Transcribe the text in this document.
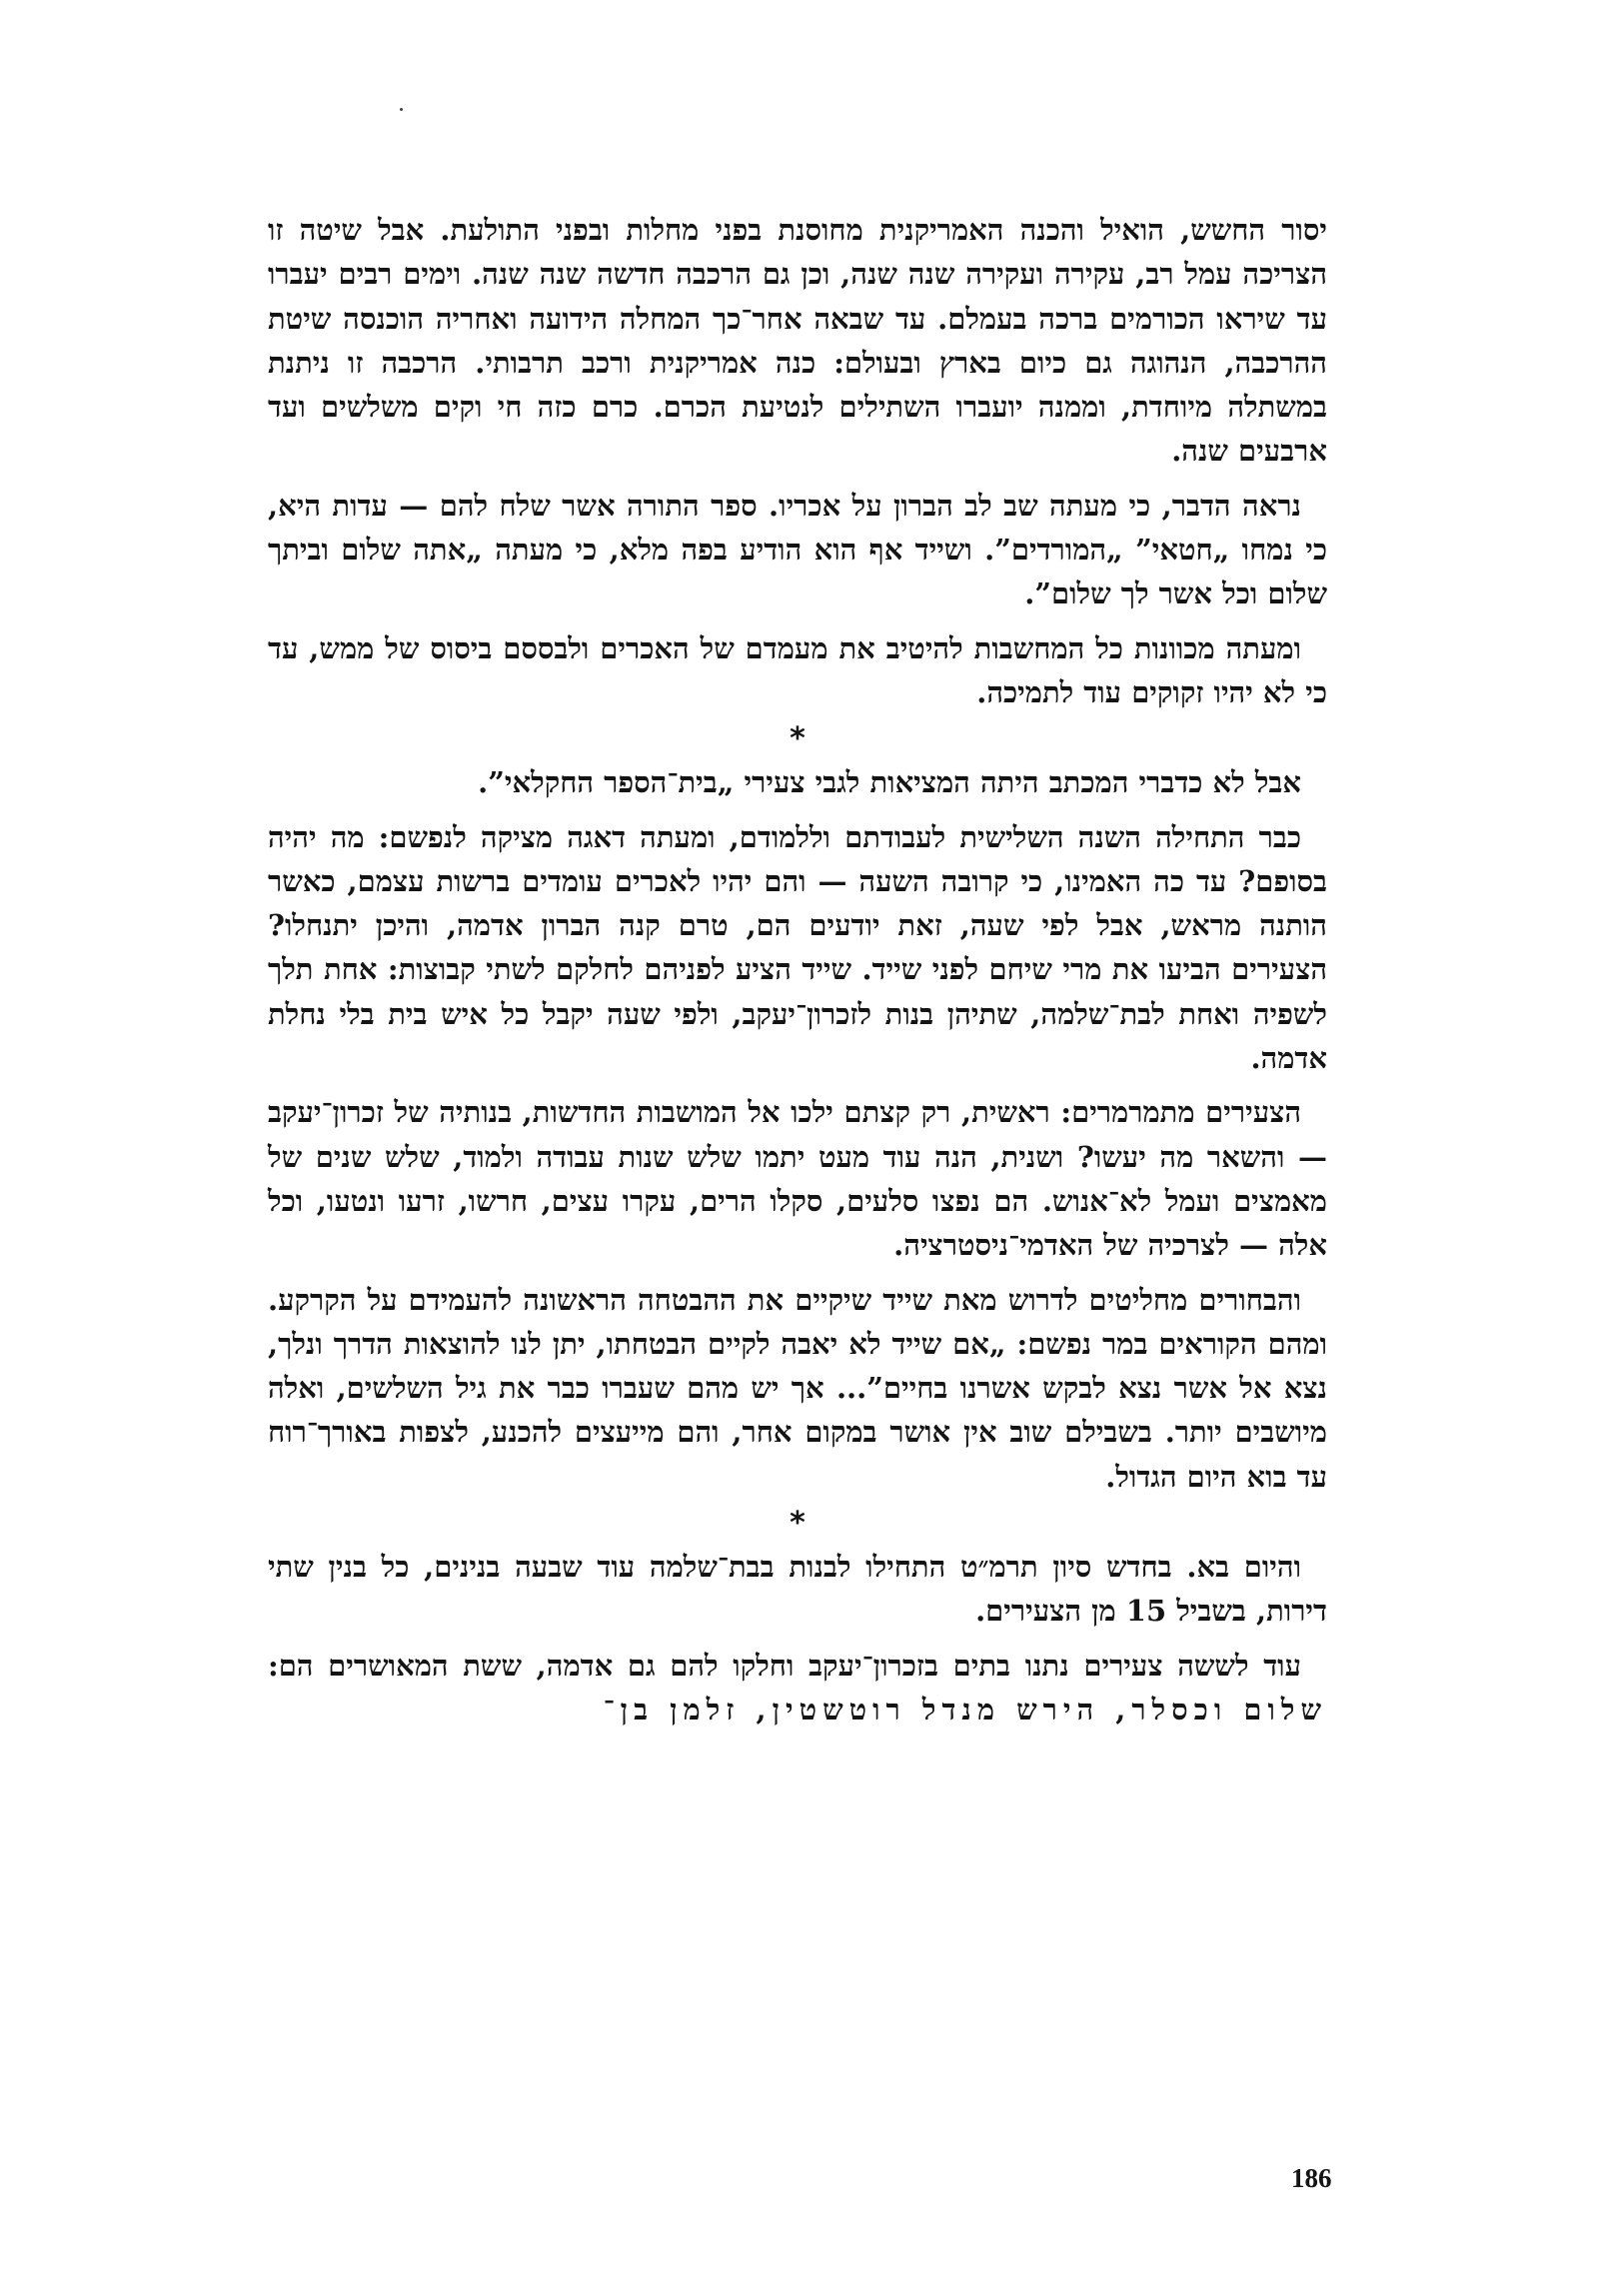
יסור החשש, הואיל והכנה האמריקנית מחוסנת בפני מחלות ובפני התולעת. אבל שיטה זו הצריכה עמל רב, עקירה ועקירה שנה שנה, וכן גם הרכבה חדשה שנה שנה. וימים רבים יעברו עד שיראו הכורמים ברכה בעמלם. עד שבאה אחר־כך המחלה הידועה ואחריה הוכנסה שיטת ההרכבה, הנהוגה גם כיום בארץ ובעולם: כנה אמריקנית ורכב תרבותי. הרכבה זו ניתנת במשתלה מיוחדת, וממנה יועברו השתילים לנטיעת הכרם. כרם כזה חי וקים משלשים ועד ארבעים שנה.

נראה הדבר, כי מעתה שב לב הברון על אכריו. ספר התורה אשר שלח להם — עדות היא, כי נמחו „חטאי” „המורדים”. ושייד אף הוא הודיע בפה מלא, כי מעתה „אתה שלום וביתך שלום וכל אשר לך שלום”.

ומעתה מכוונות כל המחשבות להיטיב את מעמדם של האכרים ולבססם ביסוס של ממש, עד כי לא יהיו זקוקים עוד לתמיכה.

*

אבל לא כדברי המכתב היתה המציאות לגבי צעירי „בית־הספר החקלאי”.

כבר התחילה השנה השלישית לעבודתם וללמודם, ומעתה דאגה מציקה לנפשם: מה יהיה בסופם? עד כה האמינו, כי קרובה השעה — והם יהיו לאכרים עומדים ברשות עצמם, כאשר הותנה מראש, אבל לפי שעה, זאת יודעים הם, טרם קנה הברון אדמה, והיכן יתנחלו? הצעירים הביעו את מרי שיחם לפני שייד. שייד הציע לפניהם לחלקם לשתי קבוצות: אחת תלך לשפיה ואחת לבת־שלמה, שתיהן בנות לזכרון־יעקב, ולפי שעה יקבל כל איש בית בלי נחלת אדמה.

הצעירים מתמרמרים: ראשית, רק קצתם ילכו אל המושבות החדשות, בנותיה של זכרון־יעקב — והשאר מה יעשו? ושנית, הנה עוד מעט יתמו שלש שנות עבודה ולמוד, שלש שנים של מאמצים ועמל לא־אנוש. הם נפצו סלעים, סקלו הרים, עקרו עצים, חרשו, זרעו ונטעו, וכל אלה — לצרכיה של האדמי־ניסטרציה.

והבחורים מחליטים לדרוש מאת שייד שיקיים את ההבטחה הראשונה להעמידם על הקרקע. ומהם הקוראים במר נפשם: „אם שייד לא יאבה לקיים הבטחתו, יתן לנו להוצאות הדרך ונלך, נצא אל אשר נצא לבקש אשרנו בחיים”... אך יש מהם שעברו כבר את גיל השלשים, ואלה מיושבים יותר. בשבילם שוב אין אושר במקום אחר, והם מייעצים להכנע, לצפות באורך־רוח עד בוא היום הגדול.

*

והיום בא. בחדש סיון תרמ״ט התחילו לבנות בבת־שלמה עוד שבעה בנינים, כל בנין שתי דירות, בשביל 15 מן הצעירים.

עוד לששה צעירים נתנו בתים בזכרון־יעקב וחלקו להם גם אדמה, ששת המאושרים הם: שלום וכסלר, הירש מנדל רוטשטין, זלמן בן־

186
